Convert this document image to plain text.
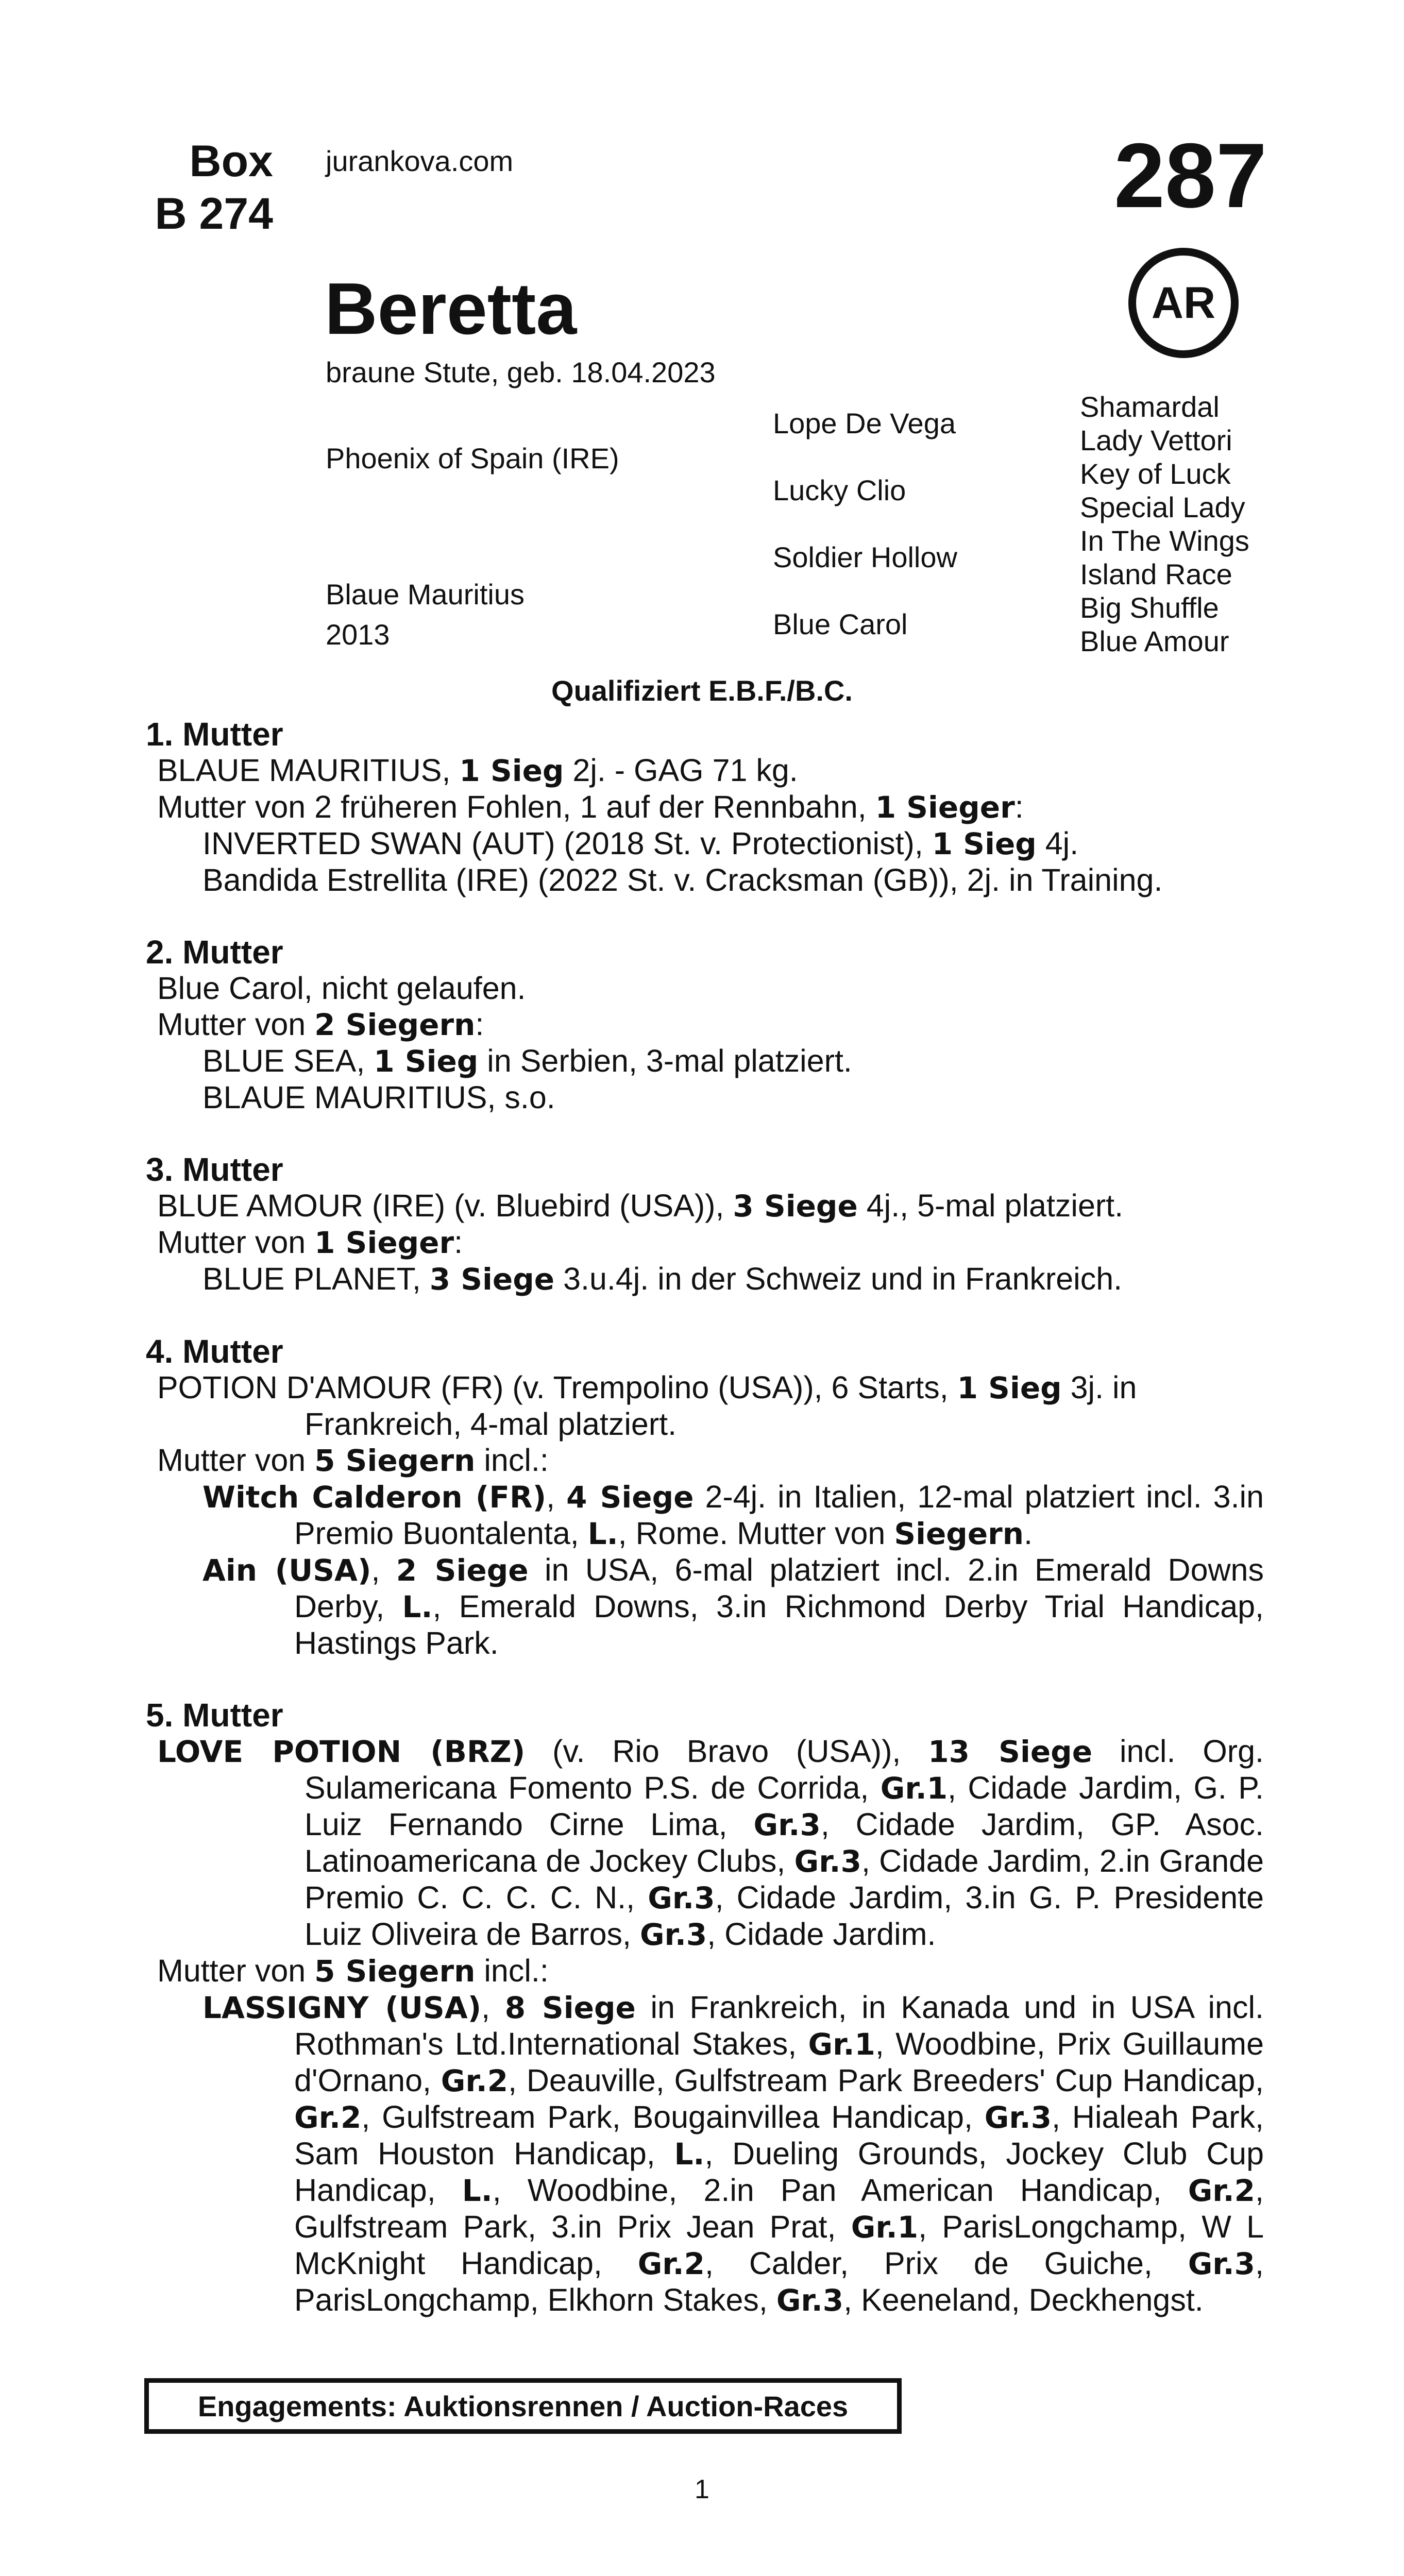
Box
B 274
jurankova.com	287
AR
Beretta
braune Stute, geb. 18.04.2023
Phoenix of Spain (IRE)
Blaue Mauritius
2013
Lope De Vega
Lucky Clio
Soldier Hollow
Blue Carol
Shamardal
Lady Vettori
Key of Luck
Special Lady
In The Wings
Island Race
Big Shuffle
Blue Amour
Qualifiziert E.B.F./B.C.
1. Mutter

BLAUE MAURITIUS, 1 Sieg 2j. - GAG 71 kg.

Mutter von 2 früheren Fohlen, 1 auf der Rennbahn, 1 Sieger:

INVERTED SWAN (AUT) (2018 St. v. Protectionist), 1 Sieg 4j.

Bandida Estrellita (IRE) (2022 St. v. Cracksman (GB)), 2j. in Training.

2. Mutter

Blue Carol, nicht gelaufen.

Mutter von 2 Siegern:

BLUE SEA, 1 Sieg in Serbien, 3-mal platziert.

BLAUE MAURITIUS, s.o.

3. Mutter

BLUE AMOUR (IRE) (v. Bluebird (USA)), 3 Siege 4j., 5-mal platziert.

Mutter von 1 Sieger:

BLUE PLANET, 3 Siege 3.u.4j. in der Schweiz und in Frankreich.

4. Mutter

POTION D'AMOUR (FR) (v. Trempolino (USA)), 6 Starts, 1 Sieg 3j. in Frankreich, 4-mal platziert.

Mutter von 5 Siegern incl.:

Witch Calderon (FR), 4 Siege 2-4j. in Italien, 12-mal platziert incl. 3.in Premio Buontalenta, L., Rome. Mutter von Siegern.

Ain (USA), 2 Siege in USA, 6-mal platziert incl. 2.in Emerald Downs Derby, L., Emerald Downs, 3.in Richmond Derby Trial Handicap, Hastings Park.

5. Mutter

LOVE POTION (BRZ) (v. Rio Bravo (USA)), 13 Siege incl. Org. Sulamericana Fomento P.S. de Corrida, Gr.1, Cidade Jardim, G. P. Luiz Fernando Cirne Lima, Gr.3, Cidade Jardim, GP. Asoc. Latinoamericana de Jockey Clubs, Gr.3, Cidade Jardim, 2.in Grande Premio C. C. C. C. N., Gr.3, Cidade Jardim, 3.in G. P. Presidente Luiz Oliveira de Barros, Gr.3, Cidade Jardim.

Mutter von 5 Siegern incl.:

LASSIGNY (USA), 8 Siege in Frankreich, in Kanada und in USA incl. Rothman's Ltd.International Stakes, Gr.1, Woodbine, Prix Guillaume d'Ornano, Gr.2, Deauville, Gulfstream Park Breeders' Cup Handicap, Gr.2, Gulfstream Park, Bougainvillea Handicap, Gr.3, Hialeah Park, Sam Houston Handicap, L., Dueling Grounds, Jockey Club Cup Handicap, L., Woodbine, 2.in Pan American Handicap, Gr.2, Gulfstream Park, 3.in Prix Jean Prat, Gr.1, ParisLongchamp, W L McKnight Handicap, Gr.2, Calder, Prix de Guiche, Gr.3, ParisLongchamp, Elkhorn Stakes, Gr.3, Keeneland, Deckhengst.

Engagements: Auktionsrennen / Auction-Races
1
